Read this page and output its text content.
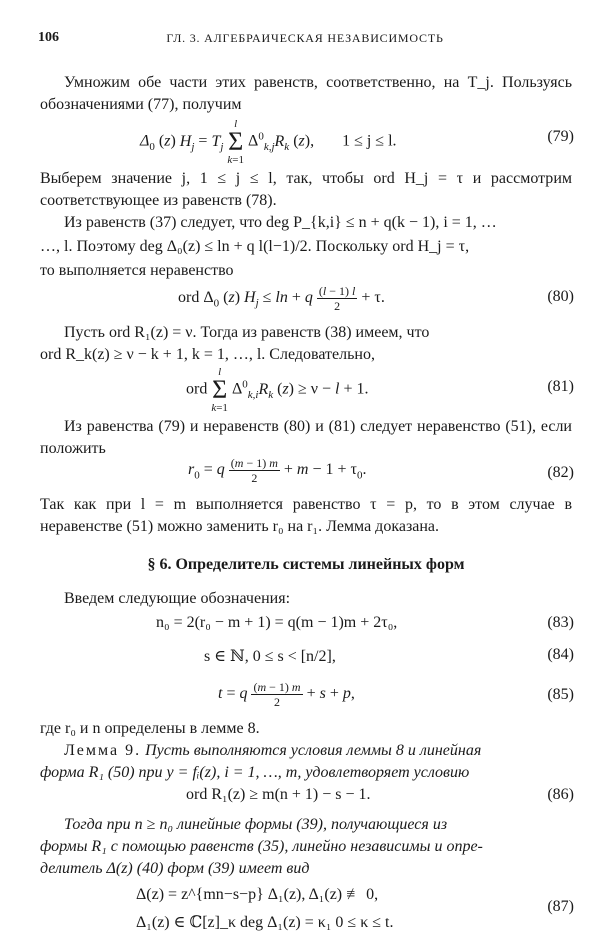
106	ГЛ. 3. АЛГЕБРАИЧЕСКАЯ НЕЗАВИСИМОСТЬ
Умножим обе части этих равенств, соответственно, на T_j. Пользуясь обозначениями (77), получим
$\Delta_0$ (z) $H_j = T_j$
l
Σ
k=1
$\Delta^0_{k,j}R_k$ (z),       1 ≤ j ≤ l.	(79)
Выберем значение j, 1 ≤ j ≤ l, так, чтобы ord H_j = τ и рассмотрим соответствующее из равенств (78).
Из равенств (37) следует, что deg P_{k,i} ≤ n + q(k − 1), i = 1, …
…, l. Поэтому deg Δ₀(z) ≤ ln + q l(l−1)/2. Поскольку ord H_j = τ,
то выполняется неравенство
ord $\Delta_0$ (z) $H_j \le \ln + q \frac{(l - 1) l}{2} + \tau$.	(80)
Пусть ord R₁(z) = ν. Тогда из равенств (38) имеем, что
ord R_k(z) ≥ ν − k + 1, k = 1, …, l. Следовательно,
ord
l
Σ
k=1
$\Delta^0_{k,i}R_k$ (z) ≥ ν − l + 1.	(81)
Из равенства (79) и неравенств (80) и (81) следует неравенство (51), если положить
$r_0 = q \frac{(m - 1) m}{2} + m - 1 + \tau_0$.	(82)
Так как при l = m выполняется равенство τ = p, то в этом случае в неравенстве (51) можно заменить r₀ на r₁. Лемма доказана.
§ 6. Определитель системы линейных форм
Введем следующие обозначения:
n₀ = 2(r₀ − m + 1) = q(m − 1)m + 2τ₀,	(83)
s ∈ ℕ, 0 ≤ s < [n/2],	(84)
t = q $\frac{(m - 1) m}{2} + s + p$,	(85)
где r₀ и n определены в лемме 8.
Лемма 9. Пусть выполняются условия леммы 8 и линейная
форма R₁ (50) при y = fᵢ(z), i = 1, …, m, удовлетворяет условию
ord R₁(z) ≥ m(n + 1) − s − 1.	(86)
Тогда при n ≥ n₀ линейные формы (39), получающиеся из
формы R₁ с помощью равенств (35), линейно независимы и опре-
делитель Δ(z) (40) форм (39) имеет вид
Δ(z) = z^{mn−s−p} Δ₁(z), Δ₁(z) ≢ 0,
Δ₁(z) ∈ ℂ[z]_κ deg Δ₁(z) = κ₁ 0 ≤ κ ≤ t.
(87)
